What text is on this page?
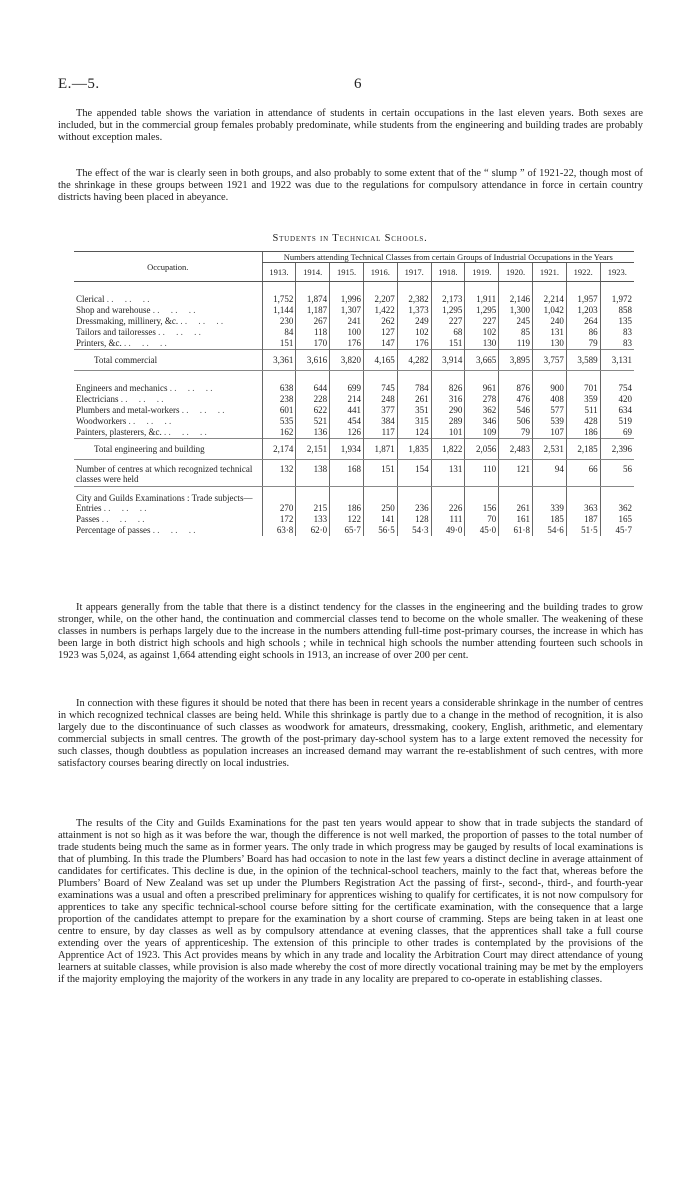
E.—5.	6

The appended table shows the variation in attendance of students in certain occupations in the last eleven years. Both sexes are included, but in the commercial group females probably predominate, while students from the engineering and building trades are probably without exception males.

The effect of the war is clearly seen in both groups, and also probably to some extent that of the “ slump ” of 1921-22, though most of the shrinkage in these groups between 1921 and 1922 was due to the regulations for compulsory attendance in force in certain country districts having been placed in abeyance.

Students in Technical Schools.
Occupation.	Numbers attending Technical Classes from certain Groups of Industrial Occupations in the Years										
	1913.	1914.	1915.	1916.	1917.	1918.	1919.	1920.	1921.	1922.	1923.

Clerical . .	1,752	1,874	1,996	2,207	2,382	2,173	1,911	2,146	2,214	1,957	1,972
Shop and warehouse . .	1,144	1,187	1,307	1,422	1,373	1,295	1,295	1,300	1,042	1,203	858
Dressmaking, millinery, &c. . .	230	267	241	262	249	227	227	245	240	264	135
Tailors and tailoresses . .	84	118	100	127	102	68	102	85	131	86	83
Printers, &c. . .	151	170	176	147	176	151	130	119	130	79	83
Total commercial	3,361	3,616	3,820	4,165	4,282	3,914	3,665	3,895	3,757	3,589	3,131

Engineers and mechanics . .	638	644	699	745	784	826	961	876	900	701	754
Electricians . .	238	228	214	248	261	316	278	476	408	359	420
Plumbers and metal-workers . .	601	622	441	377	351	290	362	546	577	511	634
Woodworkers . .	535	521	454	384	315	289	346	506	539	428	519
Painters, plasterers, &c. . .	162	136	126	117	124	101	109	79	107	186	69
Total engineering and building	2,174	2,151	1,934	1,871	1,835	1,822	2,056	2,483	2,531	2,185	2,396
Number of centres at which recognized technical classes were held	132	138	168	151	154	131	110	121	94	66	56
City and Guilds Examinations : Trade subjects—											
Entries . .	270	215	186	250	236	226	156	261	339	363	362
Passes . .	172	133	122	141	128	111	70	161	185	187	165
Percentage of passes . .	63·8	62·0	65·7	56·5	54·3	49·0	45·0	61·8	54·6	51·5	45·7

It appears generally from the table that there is a distinct tendency for the classes in the engineering and the building trades to grow stronger, while, on the other hand, the continuation and commercial classes tend to become on the whole smaller. The weakening of these classes in numbers is perhaps largely due to the increase in the numbers attending full-time post-primary courses, the increase in which has been large in both district high schools and high schools ; while in technical high schools the number attending fourteen such schools in 1923 was 5,024, as against 1,664 attending eight schools in 1913, an increase of over 200 per cent.

In connection with these figures it should be noted that there has been in recent years a considerable shrinkage in the number of centres in which recognized technical classes are being held. While this shrinkage is partly due to a change in the method of recognition, it is also largely due to the discontinuance of such classes as woodwork for amateurs, dressmaking, cookery, English, arithmetic, and elementary commercial subjects in small centres. The growth of the post-primary day-school system has to a large extent removed the necessity for such classes, though doubtless as population increases an increased demand may warrant the re-establishment of such centres, with more satisfactory courses bearing directly on local industries.

The results of the City and Guilds Examinations for the past ten years would appear to show that in trade subjects the standard of attainment is not so high as it was before the war, though the difference is not well marked, the proportion of passes to the total number of trade students being much the same as in former years. The only trade in which progress may be gauged by results of local examinations is that of plumbing. In this trade the Plumbers’ Board has had occasion to note in the last few years a distinct decline in average attainment of candidates for certificates. This decline is due, in the opinion of the technical-school teachers, mainly to the fact that, whereas before the Plumbers’ Board of New Zealand was set up under the Plumbers Registration Act the passing of first-, second-, third-, and fourth-year examinations was a usual and often a prescribed preliminary for apprentices wishing to qualify for certificates, it is not now compulsory for apprentices to take any specific technical-school course before sitting for the certificate examination, with the consequence that a large proportion of the candidates attempt to prepare for the examination by a short course of cramming. Steps are being taken in at least one centre to ensure, by day classes as well as by compulsory attendance at evening classes, that the apprentices shall take a full course extending over the years of apprenticeship. The extension of this principle to other trades is contemplated by the provisions of the Apprentice Act of 1923. This Act provides means by which in any trade and locality the Arbitration Court may direct attendance of young learners at suitable classes, while provision is also made whereby the cost of more directly vocational training may be met by the employers if the majority employing the majority of the workers in any trade in any locality are prepared to co-operate in establishing classes.
